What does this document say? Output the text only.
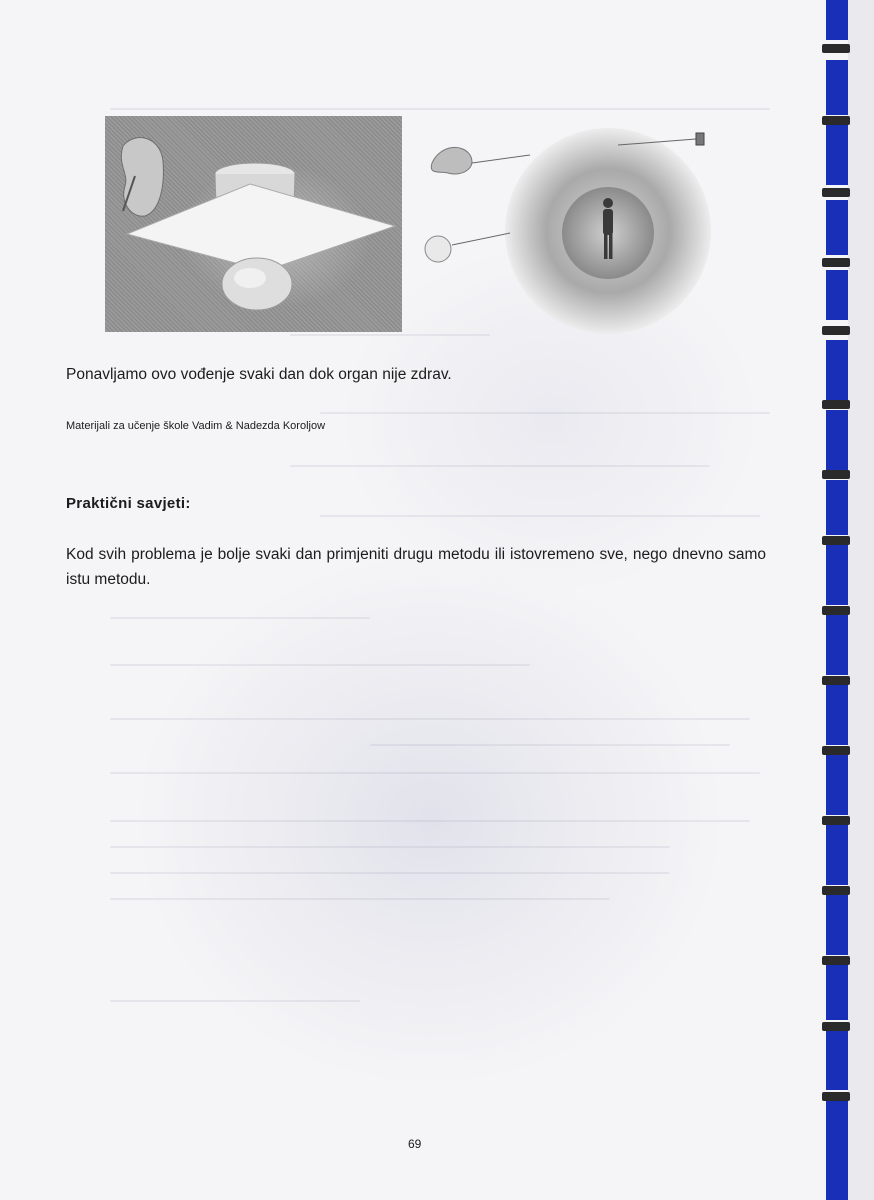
Ponavljamo ovo vođenje svaki dan dok organ nije zdrav.
Materijali za učenje škole Vadim & Nadezda Koroljow
Praktični savjeti:
Kod svih problema je bolje svaki dan primjeniti drugu metodu ili istovremeno sve, nego dnevno samo istu metodu.
69
